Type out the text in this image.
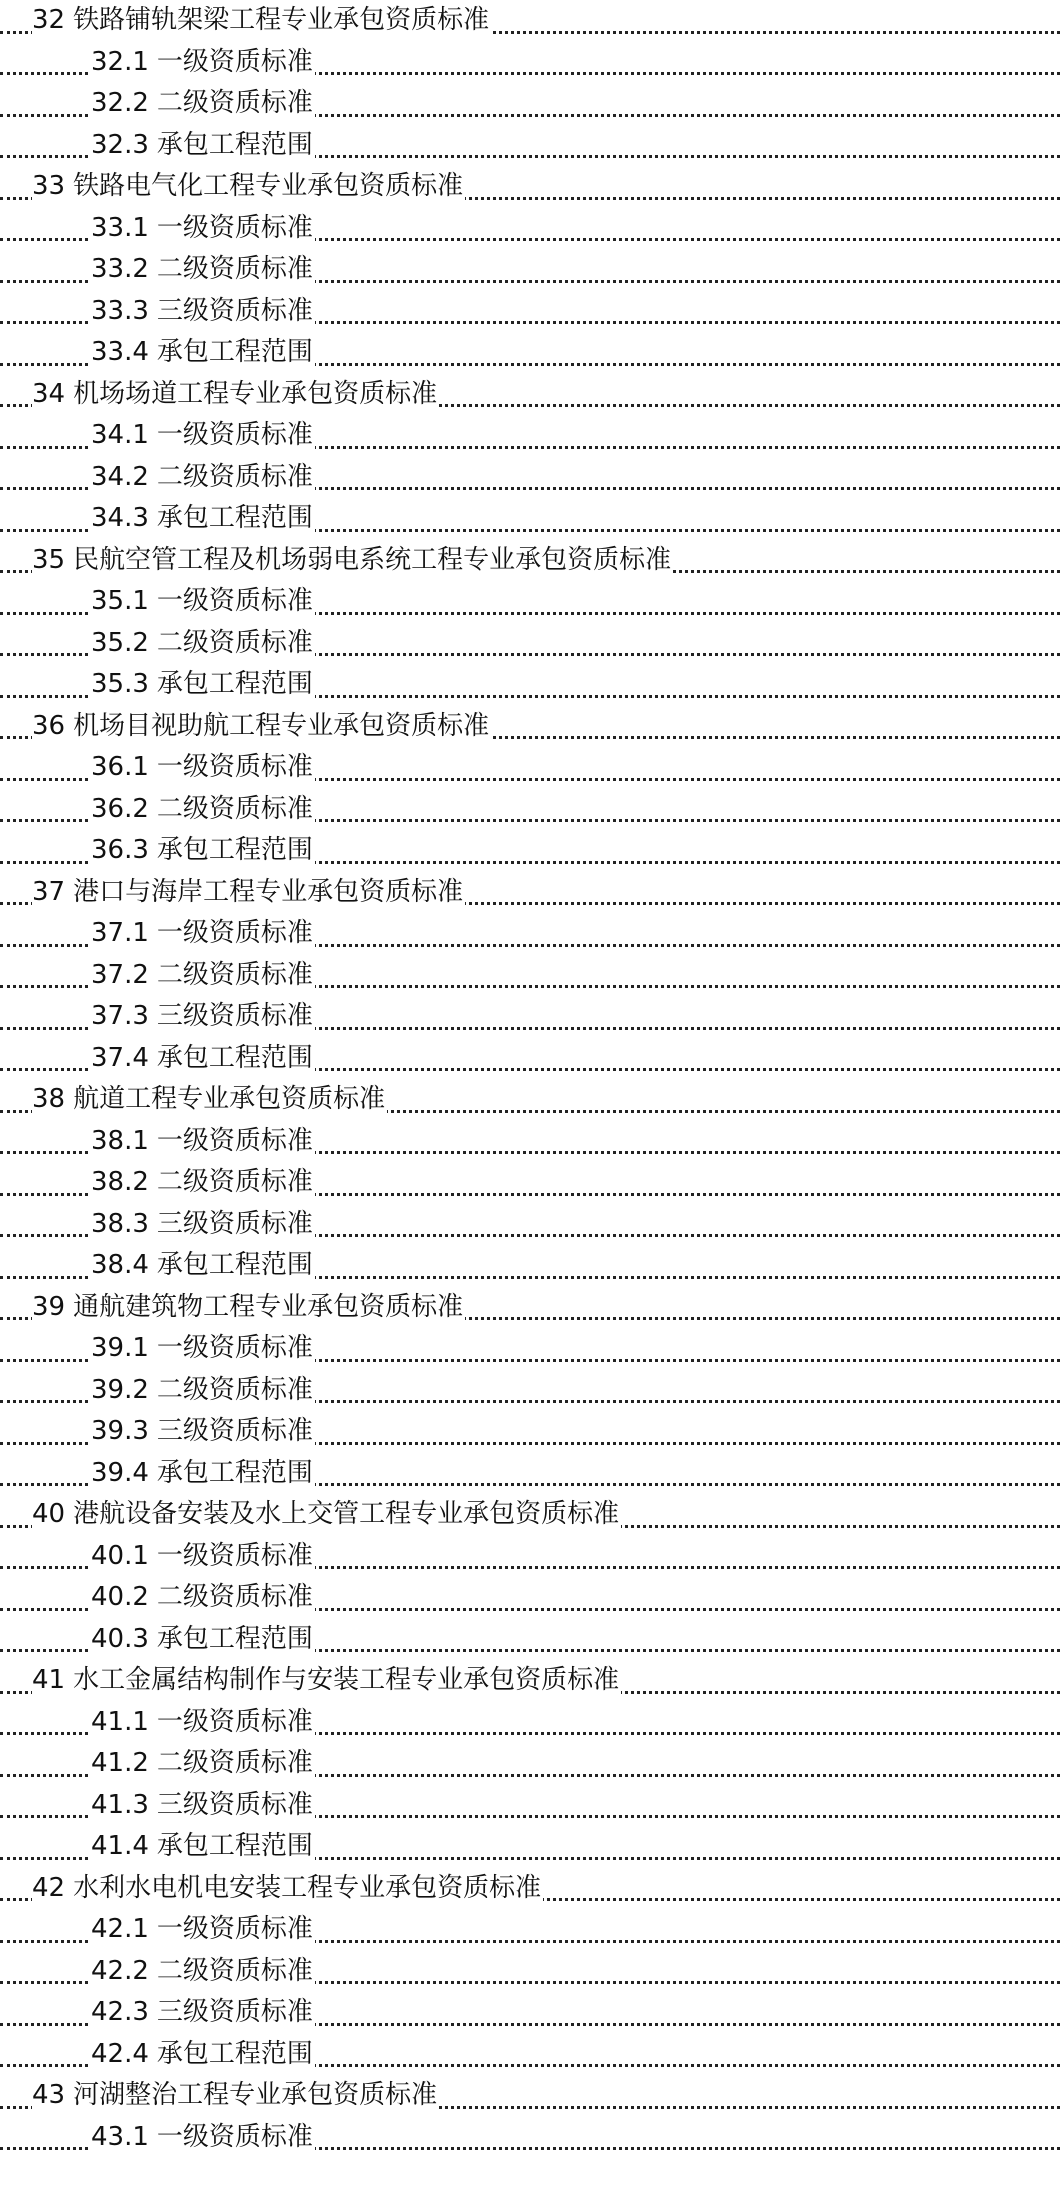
32 铁路铺轨架梁工程专业承包资质标准
32.1 一级资质标准
32.2 二级资质标准
32.3 承包工程范围
33 铁路电气化工程专业承包资质标准
33.1 一级资质标准
33.2 二级资质标准
33.3 三级资质标准
33.4 承包工程范围
34 机场场道工程专业承包资质标准
34.1 一级资质标准
34.2 二级资质标准
34.3 承包工程范围
35 民航空管工程及机场弱电系统工程专业承包资质标准
35.1 一级资质标准
35.2 二级资质标准
35.3 承包工程范围
36 机场目视助航工程专业承包资质标准
36.1 一级资质标准
36.2 二级资质标准
36.3 承包工程范围
37 港口与海岸工程专业承包资质标准
37.1 一级资质标准
37.2 二级资质标准
37.3 三级资质标准
37.4 承包工程范围
38 航道工程专业承包资质标准
38.1 一级资质标准
38.2 二级资质标准
38.3 三级资质标准
38.4 承包工程范围
39 通航建筑物工程专业承包资质标准
39.1 一级资质标准
39.2 二级资质标准
39.3 三级资质标准
39.4 承包工程范围
40 港航设备安装及水上交管工程专业承包资质标准
40.1 一级资质标准
40.2 二级资质标准
40.3 承包工程范围
41 水工金属结构制作与安装工程专业承包资质标准
41.1 一级资质标准
41.2 二级资质标准
41.3 三级资质标准
41.4 承包工程范围
42 水利水电机电安装工程专业承包资质标准
42.1 一级资质标准
42.2 二级资质标准
42.3 三级资质标准
42.4 承包工程范围
43 河湖整治工程专业承包资质标准
43.1 一级资质标准
